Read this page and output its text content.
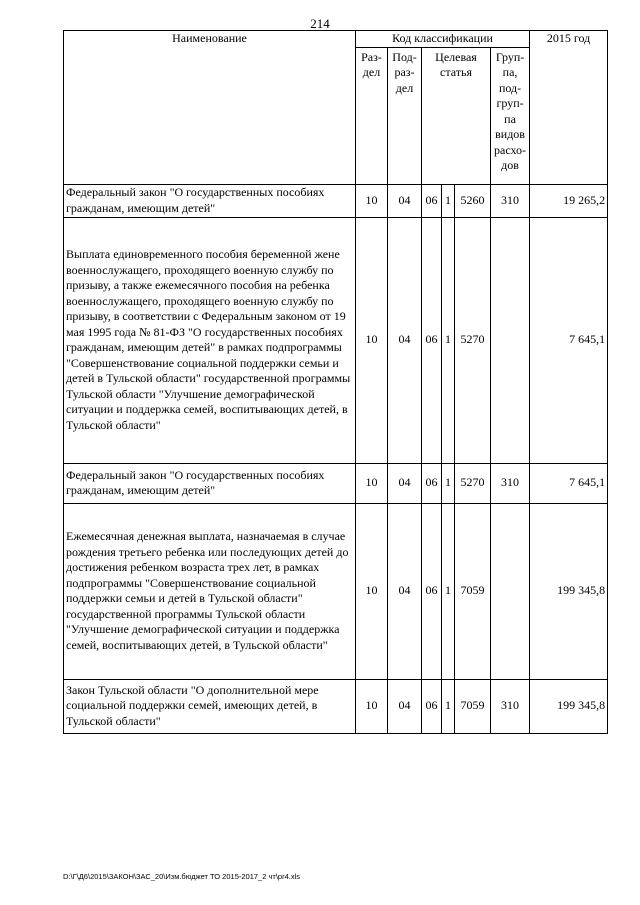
214
Наименование	Код классификации						2015 год
	Раз- дел	Под- раз- дел	Целевая статья			Груп- па, под- груп- па видов расхо- дов	
Федеральный закон "О государственных пособиях гражданам, имеющим детей"	10	04	06	1	5260	310	19 265,2
Выплата единовременного пособия беременной жене военнослужащего, проходящего военную службу по призыву, а также ежемесячного пособия на ребенка военнослужащего, проходящего военную службу по призыву, в соответствии с Федеральным законом от 19 мая 1995 года № 81-ФЗ "О государственных пособиях гражданам, имеющим детей" в рамках подпрограммы "Совершенствование социальной поддержки семьи и детей в Тульской области" государственной программы Тульской области "Улучшение демографической ситуации и поддержка семей, воспитывающих детей, в Тульской области"	10	04	06	1	5270		7 645,1
Федеральный закон "О государственных пособиях гражданам, имеющим детей"	10	04	06	1	5270	310	7 645,1
Ежемесячная денежная выплата, назначаемая в случае рождения третьего ребенка или последующих детей до достижения ребенком возраста трех лет, в рамках подпрограммы "Совершенствование социальной поддержки семьи и детей в Тульской области" государственной программы Тульской области "Улучшение демографической ситуации и поддержка семей, воспитывающих детей, в Тульской области"	10	04	06	1	7059		199 345,8
Закон Тульской области "О дополнительной мере социальной поддержки семей, имеющих детей, в Тульской области"	10	04	06	1	7059	310	199 345,8
D:\Г\Д6\2015\ЗАКОН\ЗАС_20\Изм.бюджет ТО 2015-2017_2 чт\pr4.xls
